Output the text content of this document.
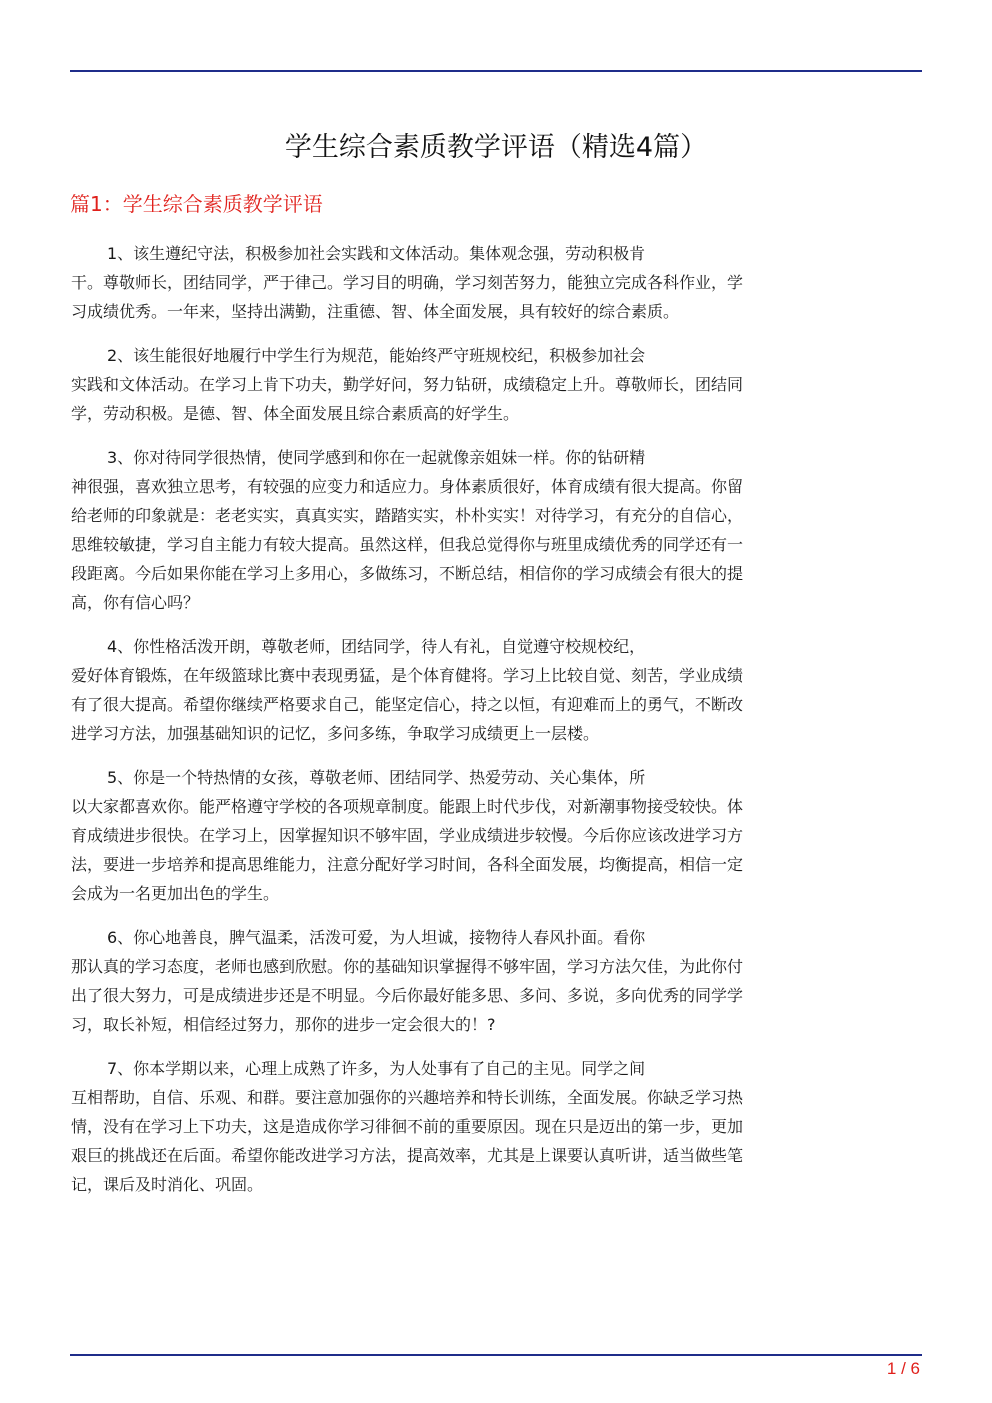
学生综合素质教学评语（精选4篇）
篇1：学生综合素质教学评语

1、该生遵纪守法，积极参加社会实践和文体活动。集体观念强，劳动积极肯
干。尊敬师长，团结同学，严于律己。学习目的明确，学习刻苦努力，能独立完成各科作业，学
习成绩优秀。一年来，坚持出满勤，注重德、智、体全面发展，具有较好的综合素质。

2、该生能很好地履行中学生行为规范，能始终严守班规校纪，积极参加社会
实践和文体活动。在学习上肯下功夫，勤学好问，努力钻研，成绩稳定上升。尊敬师长，团结同
学，劳动积极。是德、智、体全面发展且综合素质高的好学生。

3、你对待同学很热情，使同学感到和你在一起就像亲姐妹一样。你的钻研精
神很强，喜欢独立思考，有较强的应变力和适应力。身体素质很好，体育成绩有很大提高。你留
给老师的印象就是：老老实实，真真实实，踏踏实实，朴朴实实！对待学习，有充分的自信心，
思维较敏捷，学习自主能力有较大提高。虽然这样，但我总觉得你与班里成绩优秀的同学还有一
段距离。今后如果你能在学习上多用心，多做练习，不断总结，相信你的学习成绩会有很大的提
高，你有信心吗？

4、你性格活泼开朗，尊敬老师，团结同学，待人有礼，自觉遵守校规校纪，
爱好体育锻炼，在年级篮球比赛中表现勇猛，是个体育健将。学习上比较自觉、刻苦，学业成绩
有了很大提高。希望你继续严格要求自己，能坚定信心，持之以恒，有迎难而上的勇气，不断改
进学习方法，加强基础知识的记忆，多问多练，争取学习成绩更上一层楼。

5、你是一个特热情的女孩，尊敬老师、团结同学、热爱劳动、关心集体，所
以大家都喜欢你。能严格遵守学校的各项规章制度。能跟上时代步伐，对新潮事物接受较快。体
育成绩进步很快。在学习上，因掌握知识不够牢固，学业成绩进步较慢。今后你应该改进学习方
法，要进一步培养和提高思维能力，注意分配好学习时间，各科全面发展，均衡提高，相信一定
会成为一名更加出色的学生。

6、你心地善良，脾气温柔，活泼可爱，为人坦诚，接物待人春风扑面。看你
那认真的学习态度，老师也感到欣慰。你的基础知识掌握得不够牢固，学习方法欠佳，为此你付
出了很大努力，可是成绩进步还是不明显。今后你最好能多思、多问、多说，多向优秀的同学学
习，取长补短，相信经过努力，那你的进步一定会很大的！?

7、你本学期以来，心理上成熟了许多，为人处事有了自己的主见。同学之间
互相帮助，自信、乐观、和群。要注意加强你的兴趣培养和特长训练，全面发展。你缺乏学习热
情，没有在学习上下功夫，这是造成你学习徘徊不前的重要原因。现在只是迈出的第一步，更加
艰巨的挑战还在后面。希望你能改进学习方法，提高效率，尤其是上课要认真听讲，适当做些笔
记，课后及时消化、巩固。

1 / 6
